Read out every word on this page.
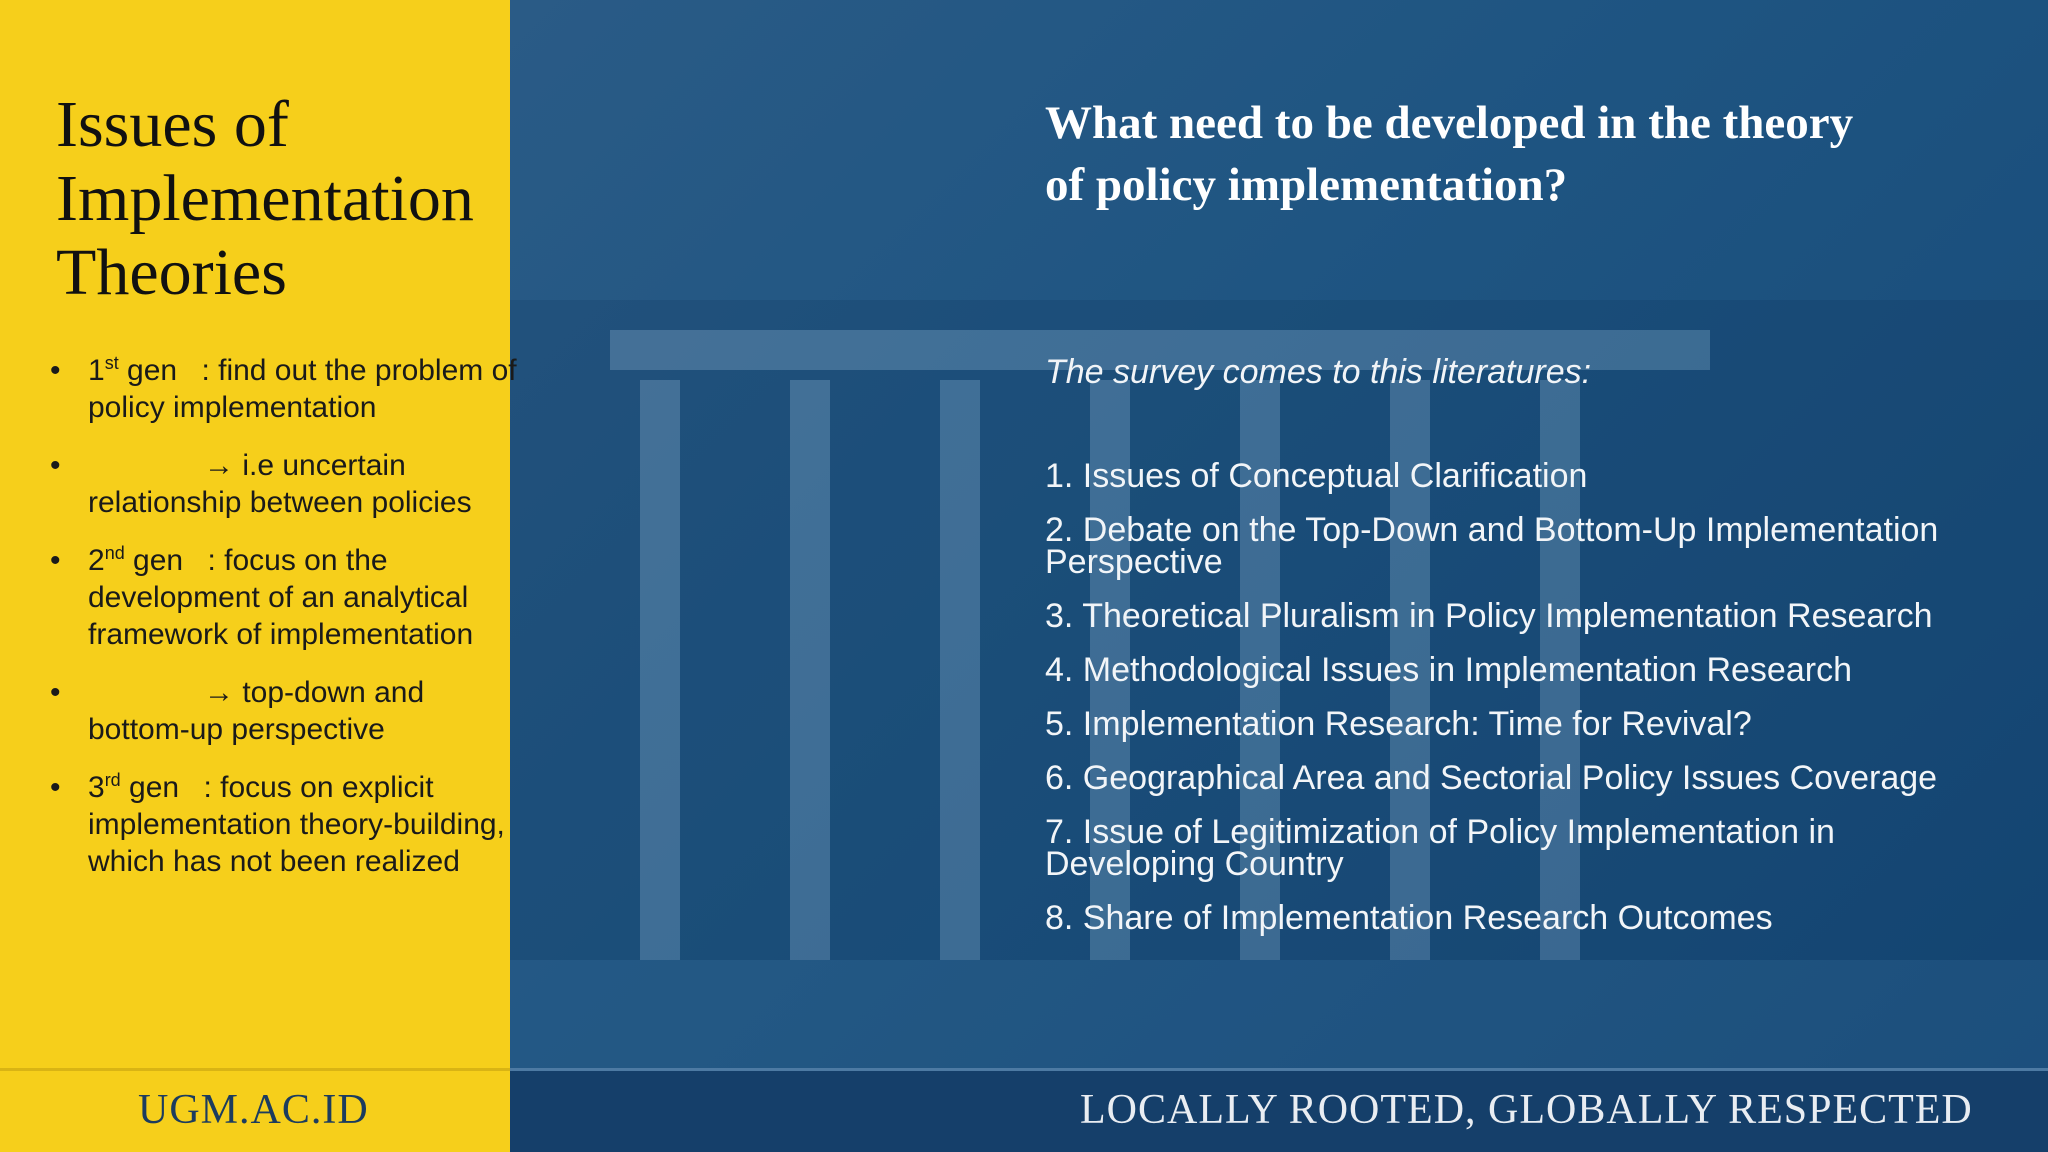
Issues of Implementation Theories
• 1st gen : find out the problem of policy implementation
•	→ i.e uncertain relationship between policies
• 2nd gen : focus on the development of an analytical framework of implementation
•	→ top-down and bottom-up perspective
• 3rd gen : focus on explicit implementation theory-building, which has not been realized
What need to be developed in the theory of policy implementation?
The survey comes to this literatures:
1. Issues of Conceptual Clarification
2. Debate on the Top-Down and Bottom-Up Implementation Perspective
3. Theoretical Pluralism in Policy Implementation Research
4. Methodological Issues in Implementation Research
5. Implementation Research: Time for Revival?
6. Geographical Area and Sectorial Policy Issues Coverage
7. Issue of Legitimization of Policy Implementation in Developing Country
8. Share of Implementation Research Outcomes
UGM.AC.ID	LOCALLY ROOTED, GLOBALLY RESPECTED
